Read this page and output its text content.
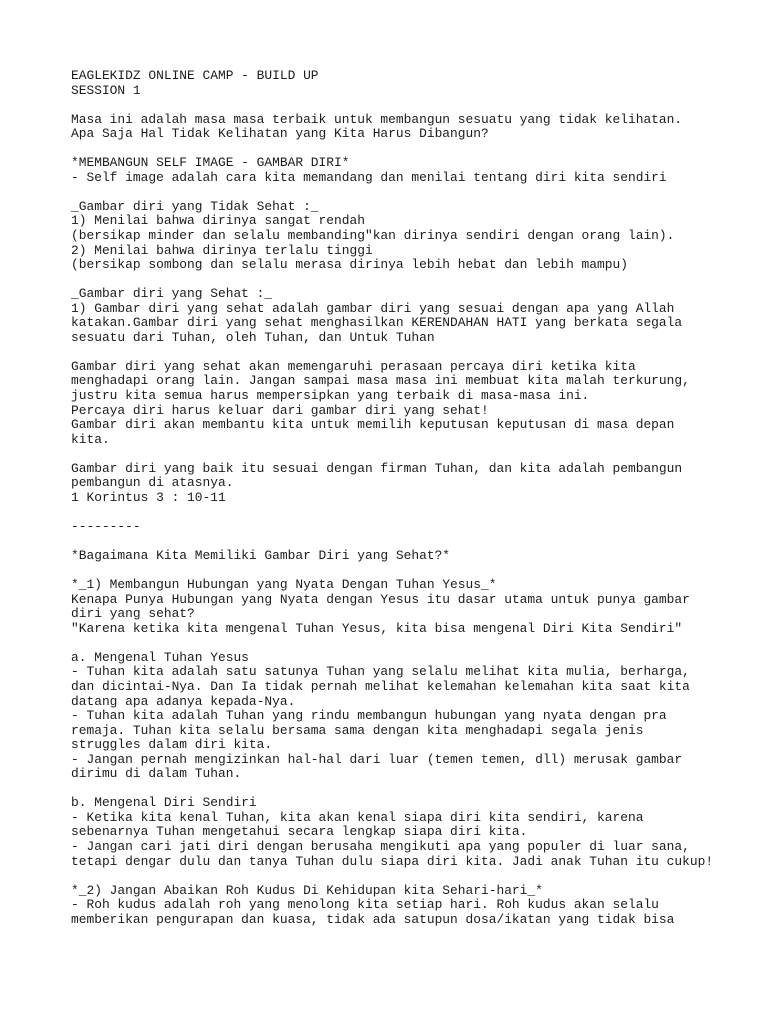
EAGLEKIDZ ONLINE CAMP - BUILD UP
SESSION 1

Masa ini adalah masa masa terbaik untuk membangun sesuatu yang tidak kelihatan.
Apa Saja Hal Tidak Kelihatan yang Kita Harus Dibangun?

*MEMBANGUN SELF IMAGE - GAMBAR DIRI*
- Self image adalah cara kita memandang dan menilai tentang diri kita sendiri

_Gambar diri yang Tidak Sehat :_
1) Menilai bahwa dirinya sangat rendah
(bersikap minder dan selalu membanding"kan dirinya sendiri dengan orang lain).
2) Menilai bahwa dirinya terlalu tinggi
(bersikap sombong dan selalu merasa dirinya lebih hebat dan lebih mampu)

_Gambar diri yang Sehat :_
1) Gambar diri yang sehat adalah gambar diri yang sesuai dengan apa yang Allah
katakan.Gambar diri yang sehat menghasilkan KERENDAHAN HATI yang berkata segala
sesuatu dari Tuhan, oleh Tuhan, dan Untuk Tuhan

Gambar diri yang sehat akan memengaruhi perasaan percaya diri ketika kita
menghadapi orang lain. Jangan sampai masa masa ini membuat kita malah terkurung,
justru kita semua harus mempersipkan yang terbaik di masa-masa ini.
Percaya diri harus keluar dari gambar diri yang sehat!
Gambar diri akan membantu kita untuk memilih keputusan keputusan di masa depan
kita.

Gambar diri yang baik itu sesuai dengan firman Tuhan, dan kita adalah pembangun
pembangun di atasnya.
1 Korintus 3 : 10-11

---------

*Bagaimana Kita Memiliki Gambar Diri yang Sehat?*

*_1) Membangun Hubungan yang Nyata Dengan Tuhan Yesus_*
Kenapa Punya Hubungan yang Nyata dengan Yesus itu dasar utama untuk punya gambar
diri yang sehat?
"Karena ketika kita mengenal Tuhan Yesus, kita bisa mengenal Diri Kita Sendiri"

a. Mengenal Tuhan Yesus
- Tuhan kita adalah satu satunya Tuhan yang selalu melihat kita mulia, berharga,
dan dicintai-Nya. Dan Ia tidak pernah melihat kelemahan kelemahan kita saat kita
datang apa adanya kepada-Nya.
- Tuhan kita adalah Tuhan yang rindu membangun hubungan yang nyata dengan pra
remaja. Tuhan kita selalu bersama sama dengan kita menghadapi segala jenis
struggles dalam diri kita.
- Jangan pernah mengizinkan hal-hal dari luar (temen temen, dll) merusak gambar
dirimu di dalam Tuhan.

b. Mengenal Diri Sendiri
- Ketika kita kenal Tuhan, kita akan kenal siapa diri kita sendiri, karena
sebenarnya Tuhan mengetahui secara lengkap siapa diri kita.
- Jangan cari jati diri dengan berusaha mengikuti apa yang populer di luar sana,
tetapi dengar dulu dan tanya Tuhan dulu siapa diri kita. Jadi anak Tuhan itu cukup!

*_2) Jangan Abaikan Roh Kudus Di Kehidupan kita Sehari-hari_*
- Roh kudus adalah roh yang menolong kita setiap hari. Roh kudus akan selalu
memberikan pengurapan dan kuasa, tidak ada satupun dosa/ikatan yang tidak bisa
